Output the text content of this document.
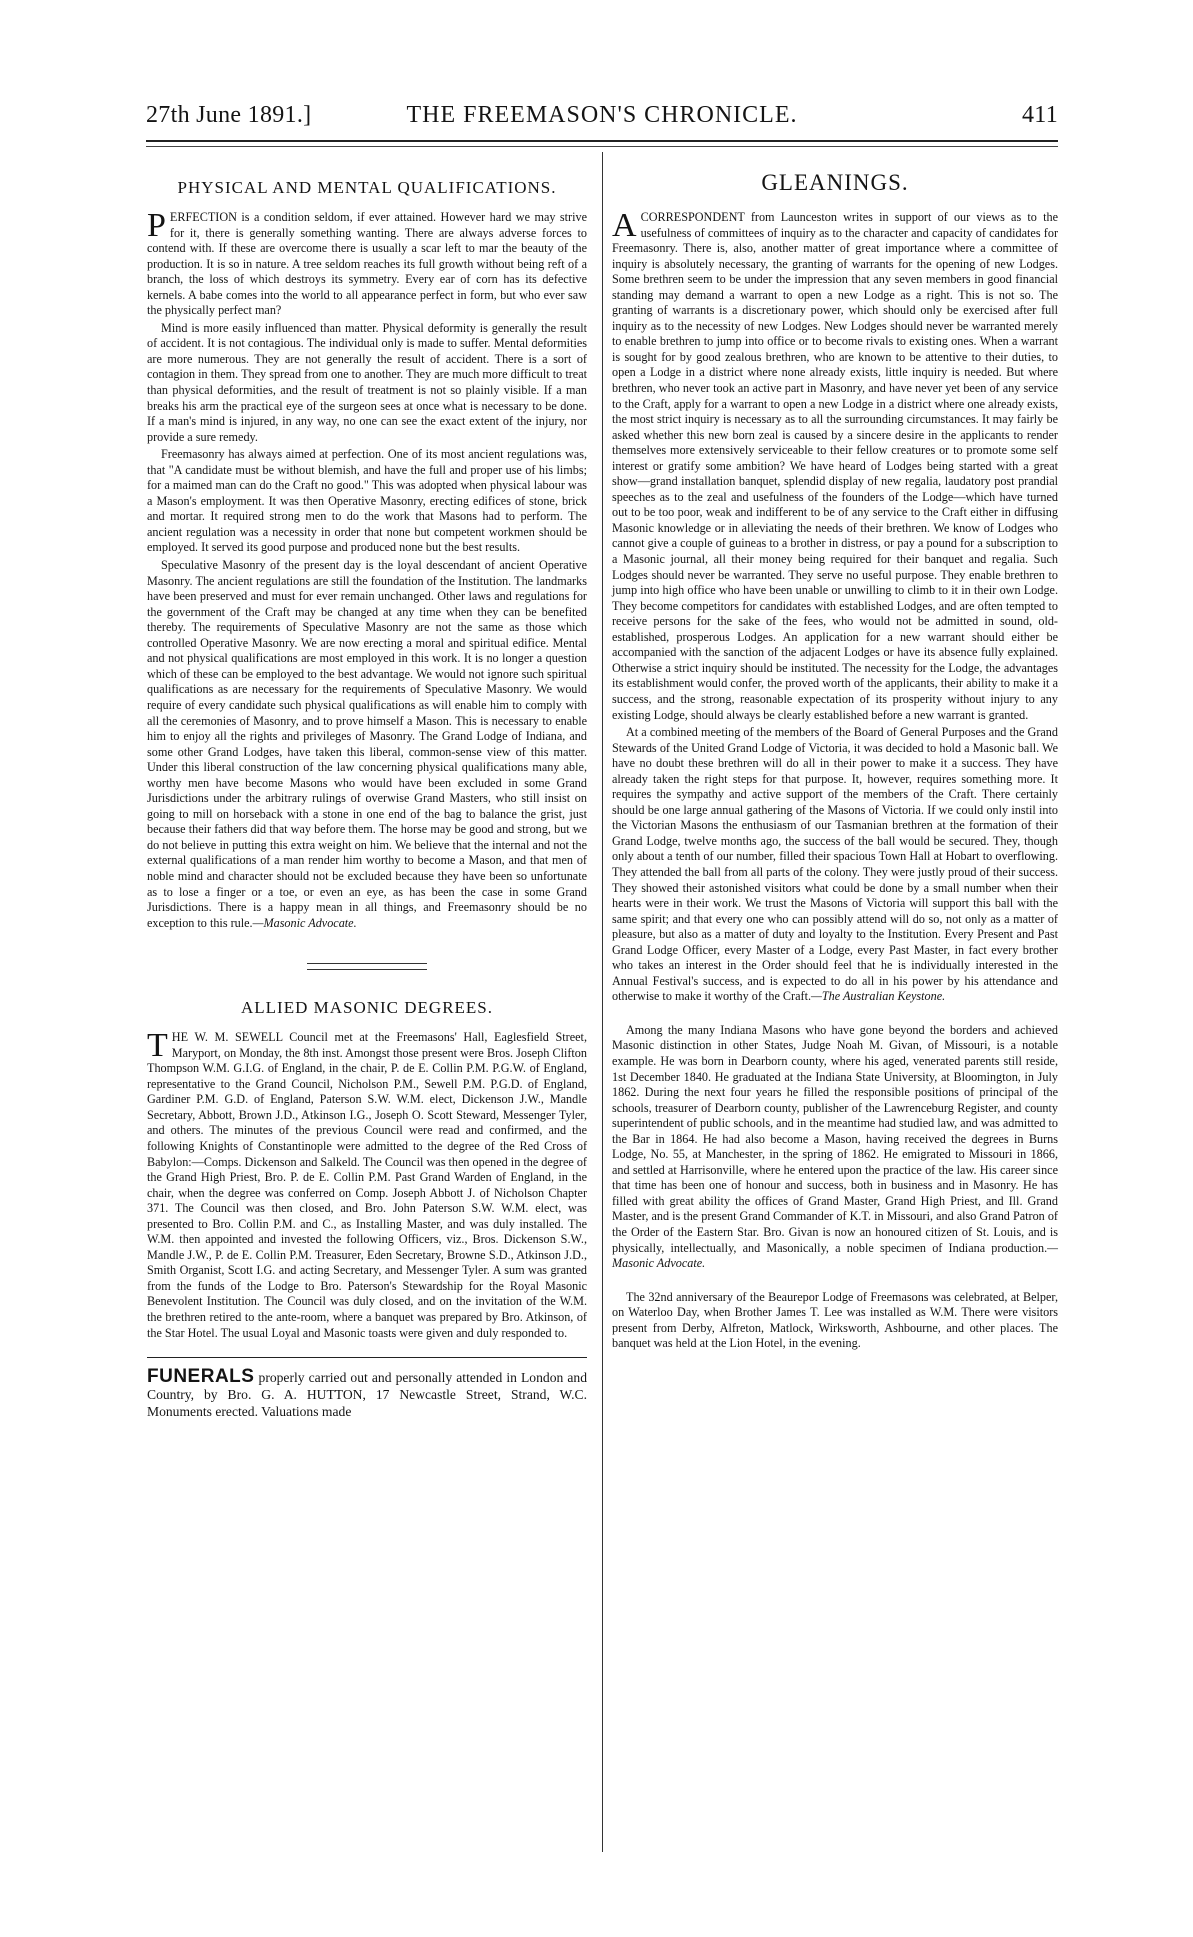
27th June 1891.]	THE FREEMASON'S CHRONICLE.	411
PHYSICAL AND MENTAL QUALIFICATIONS.

PERFECTION is a condition seldom, if ever attained. However hard we may strive for it, there is generally something wanting. There are always adverse forces to contend with. If these are overcome there is usually a scar left to mar the beauty of the production. It is so in nature. A tree seldom reaches its full growth without being reft of a branch, the loss of which destroys its symmetry. Every ear of corn has its defective kernels. A babe comes into the world to all appearance perfect in form, but who ever saw the physically perfect man?

Mind is more easily influenced than matter. Physical deformity is generally the result of accident. It is not contagious. The individual only is made to suffer. Mental deformities are more numerous. They are not generally the result of accident. There is a sort of contagion in them. They spread from one to another. They are much more difficult to treat than physical deformities, and the result of treatment is not so plainly visible. If a man breaks his arm the practical eye of the surgeon sees at once what is necessary to be done. If a man's mind is injured, in any way, no one can see the exact extent of the injury, nor provide a sure remedy.

Freemasonry has always aimed at perfection. One of its most ancient regulations was, that "A candidate must be without blemish, and have the full and proper use of his limbs; for a maimed man can do the Craft no good." This was adopted when physical labour was a Mason's employment. It was then Operative Masonry, erecting edifices of stone, brick and mortar. It required strong men to do the work that Masons had to perform. The ancient regulation was a necessity in order that none but competent workmen should be employed. It served its good purpose and produced none but the best results.

Speculative Masonry of the present day is the loyal descendant of ancient Operative Masonry. The ancient regulations are still the foundation of the Institution. The landmarks have been preserved and must for ever remain unchanged. Other laws and regulations for the government of the Craft may be changed at any time when they can be benefited thereby. The requirements of Speculative Masonry are not the same as those which controlled Operative Masonry. We are now erecting a moral and spiritual edifice. Mental and not physical qualifications are most employed in this work. It is no longer a question which of these can be employed to the best advantage. We would not ignore such spiritual qualifications as are necessary for the requirements of Speculative Masonry. We would require of every candidate such physical qualifications as will enable him to comply with all the ceremonies of Masonry, and to prove himself a Mason. This is necessary to enable him to enjoy all the rights and privileges of Masonry. The Grand Lodge of Indiana, and some other Grand Lodges, have taken this liberal, common-sense view of this matter. Under this liberal construction of the law concerning physical qualifications many able, worthy men have become Masons who would have been excluded in some Grand Jurisdictions under the arbitrary rulings of overwise Grand Masters, who still insist on going to mill on horseback with a stone in one end of the bag to balance the grist, just because their fathers did that way before them. The horse may be good and strong, but we do not believe in putting this extra weight on him. We believe that the internal and not the external qualifications of a man render him worthy to become a Mason, and that men of noble mind and character should not be excluded because they have been so unfortunate as to lose a finger or a toe, or even an eye, as has been the case in some Grand Jurisdictions. There is a happy mean in all things, and Freemasonry should be no exception to this rule.—Masonic Advocate.

ALLIED MASONIC DEGREES.

THE W. M. SEWELL Council met at the Freemasons' Hall, Eaglesfield Street, Maryport, on Monday, the 8th inst. Amongst those present were Bros. Joseph Clifton Thompson W.M. G.I.G. of England, in the chair, P. de E. Collin P.M. P.G.W. of England, representative to the Grand Council, Nicholson P.M., Sewell P.M. P.G.D. of England, Gardiner P.M. G.D. of England, Paterson S.W. W.M. elect, Dickenson J.W., Mandle Secretary, Abbott, Brown J.D., Atkinson I.G., Joseph O. Scott Steward, Messenger Tyler, and others. The minutes of the previous Council were read and confirmed, and the following Knights of Constantinople were admitted to the degree of the Red Cross of Babylon:—Comps. Dickenson and Salkeld. The Council was then opened in the degree of the Grand High Priest, Bro. P. de E. Collin P.M. Past Grand Warden of England, in the chair, when the degree was conferred on Comp. Joseph Abbott J. of Nicholson Chapter 371. The Council was then closed, and Bro. John Paterson S.W. W.M. elect, was presented to Bro. Collin P.M. and C., as Installing Master, and was duly installed. The W.M. then appointed and invested the following Officers, viz., Bros. Dickenson S.W., Mandle J.W., P. de E. Collin P.M. Treasurer, Eden Secretary, Browne S.D., Atkinson J.D., Smith Organist, Scott I.G. and acting Secretary, and Messenger Tyler. A sum was granted from the funds of the Lodge to Bro. Paterson's Stewardship for the Royal Masonic Benevolent Institution. The Council was duly closed, and on the invitation of the W.M. the brethren retired to the ante-room, where a banquet was prepared by Bro. Atkinson, of the Star Hotel. The usual Loyal and Masonic toasts were given and duly responded to.

FUNERALS properly carried out and personally attended in London and Country, by Bro. G. A. HUTTON, 17 Newcastle Street, Strand, W.C. Monuments erected. Valuations made
GLEANINGS.

A CORRESPONDENT from Launceston writes in support of our views as to the usefulness of committees of inquiry as to the character and capacity of candidates for Freemasonry. There is, also, another matter of great importance where a committee of inquiry is absolutely necessary, the granting of warrants for the opening of new Lodges. Some brethren seem to be under the impression that any seven members in good financial standing may demand a warrant to open a new Lodge as a right. This is not so. The granting of warrants is a discretionary power, which should only be exercised after full inquiry as to the necessity of new Lodges. New Lodges should never be warranted merely to enable brethren to jump into office or to become rivals to existing ones. When a warrant is sought for by good zealous brethren, who are known to be attentive to their duties, to open a Lodge in a district where none already exists, little inquiry is needed. But where brethren, who never took an active part in Masonry, and have never yet been of any service to the Craft, apply for a warrant to open a new Lodge in a district where one already exists, the most strict inquiry is necessary as to all the surrounding circumstances. It may fairly be asked whether this new born zeal is caused by a sincere desire in the applicants to render themselves more extensively serviceable to their fellow creatures or to promote some self interest or gratify some ambition? We have heard of Lodges being started with a great show—grand installation banquet, splendid display of new regalia, laudatory post prandial speeches as to the zeal and usefulness of the founders of the Lodge—which have turned out to be too poor, weak and indifferent to be of any service to the Craft either in diffusing Masonic knowledge or in alleviating the needs of their brethren. We know of Lodges who cannot give a couple of guineas to a brother in distress, or pay a pound for a subscription to a Masonic journal, all their money being required for their banquet and regalia. Such Lodges should never be warranted. They serve no useful purpose. They enable brethren to jump into high office who have been unable or unwilling to climb to it in their own Lodge. They become competitors for candidates with established Lodges, and are often tempted to receive persons for the sake of the fees, who would not be admitted in sound, old-established, prosperous Lodges. An application for a new warrant should either be accompanied with the sanction of the adjacent Lodges or have its absence fully explained. Otherwise a strict inquiry should be instituted. The necessity for the Lodge, the advantages its establishment would confer, the proved worth of the applicants, their ability to make it a success, and the strong, reasonable expectation of its prosperity without injury to any existing Lodge, should always be clearly established before a new warrant is granted.

At a combined meeting of the members of the Board of General Purposes and the Grand Stewards of the United Grand Lodge of Victoria, it was decided to hold a Masonic ball. We have no doubt these brethren will do all in their power to make it a success. They have already taken the right steps for that purpose. It, however, requires something more. It requires the sympathy and active support of the members of the Craft. There certainly should be one large annual gathering of the Masons of Victoria. If we could only instil into the Victorian Masons the enthusiasm of our Tasmanian brethren at the formation of their Grand Lodge, twelve months ago, the success of the ball would be secured. They, though only about a tenth of our number, filled their spacious Town Hall at Hobart to overflowing. They attended the ball from all parts of the colony. They were justly proud of their success. They showed their astonished visitors what could be done by a small number when their hearts were in their work. We trust the Masons of Victoria will support this ball with the same spirit; and that every one who can possibly attend will do so, not only as a matter of pleasure, but also as a matter of duty and loyalty to the Institution. Every Present and Past Grand Lodge Officer, every Master of a Lodge, every Past Master, in fact every brother who takes an interest in the Order should feel that he is individually interested in the Annual Festival's success, and is expected to do all in his power by his attendance and otherwise to make it worthy of the Craft.—The Australian Keystone.

Among the many Indiana Masons who have gone beyond the borders and achieved Masonic distinction in other States, Judge Noah M. Givan, of Missouri, is a notable example. He was born in Dearborn county, where his aged, venerated parents still reside, 1st December 1840. He graduated at the Indiana State University, at Bloomington, in July 1862. During the next four years he filled the responsible positions of principal of the schools, treasurer of Dearborn county, publisher of the Lawrenceburg Register, and county superintendent of public schools, and in the meantime had studied law, and was admitted to the Bar in 1864. He had also become a Mason, having received the degrees in Burns Lodge, No. 55, at Manchester, in the spring of 1862. He emigrated to Missouri in 1866, and settled at Harrisonville, where he entered upon the practice of the law. His career since that time has been one of honour and success, both in business and in Masonry. He has filled with great ability the offices of Grand Master, Grand High Priest, and Ill. Grand Master, and is the present Grand Commander of K.T. in Missouri, and also Grand Patron of the Order of the Eastern Star. Bro. Givan is now an honoured citizen of St. Louis, and is physically, intellectually, and Masonically, a noble specimen of Indiana production.—Masonic Advocate.

The 32nd anniversary of the Beaurepor Lodge of Freemasons was celebrated, at Belper, on Waterloo Day, when Brother James T. Lee was installed as W.M. There were visitors present from Derby, Alfreton, Matlock, Wirksworth, Ashbourne, and other places. The banquet was held at the Lion Hotel, in the evening.
